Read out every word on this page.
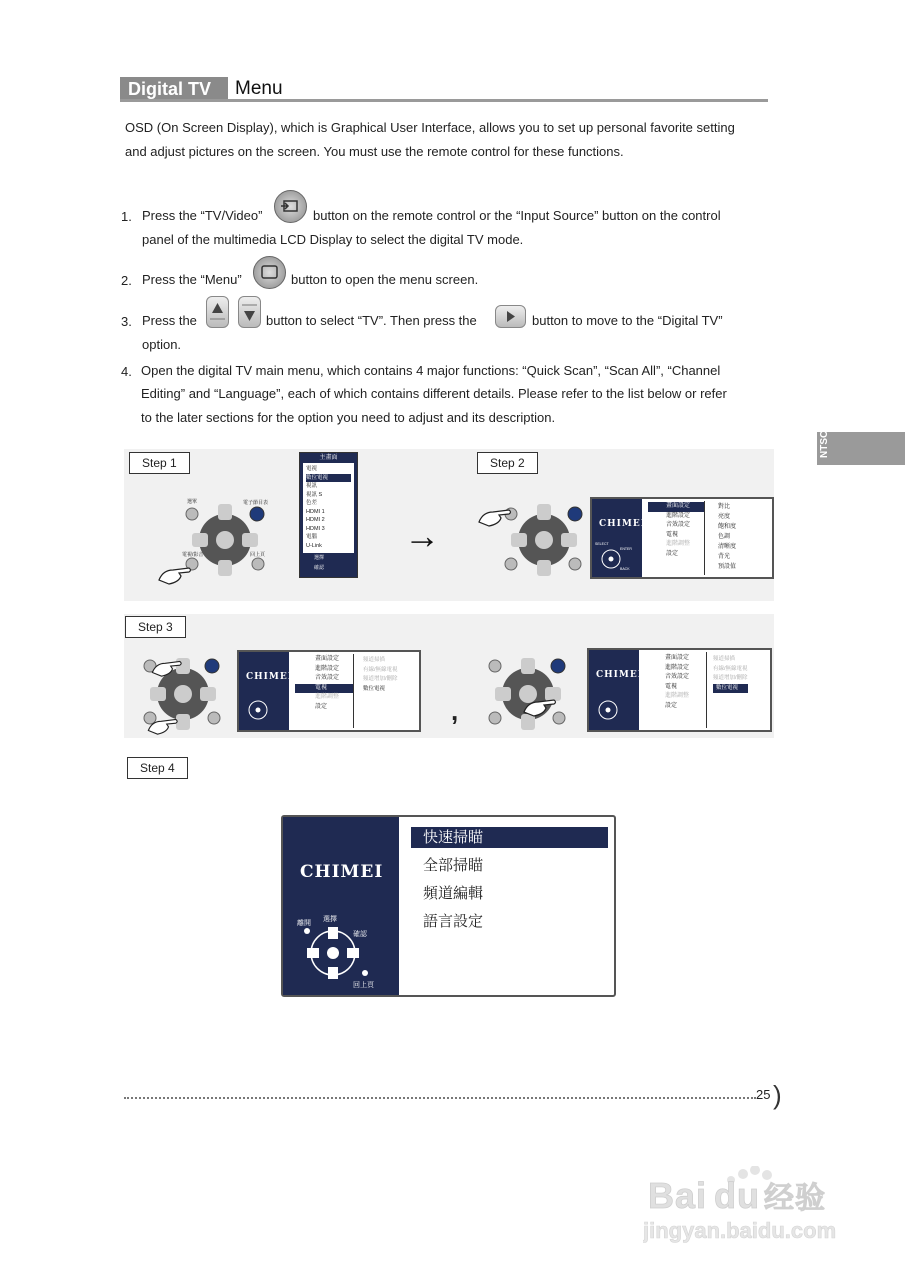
Digital TV	Menu
OSD (On Screen Display), which is Graphical User Interface, allows you to set up personal favorite setting
and adjust pictures on the screen. You must use the remote control for these functions.
1. Press the “TV/Video”	button on the remote control or the “Input Source” button on the control
panel of the multimedia LCD Display to select the digital TV mode.
2. Press the “Menu”	button to open the menu screen.
3. Press the	button to select “TV”. Then press the	button to move to the “Digital TV”
option.
4. Open the digital TV main menu, which contains 4 major functions: “Quick Scan”, “Scan All”, “Channel
Editing” and “Language”, each of which contains different details. Please refer to the list below or refer
to the later sections for the option you need to adjust and its description.
NTSC
Step 1	Step 2
Step 3
Step 4
選單	電子節目表
電視/影音	回上頁
主畫面
電視
數位電視
視訊
視訊 S
色差
HDMI 1
HDMI 2
HDMI 3
電腦
U-Link
選擇
確認
→	CHIMEI
SELECT
ENTER
BACK
畫面設定
進階設定
音效設定
電視
進階調整
設定
對比
亮度
飽和度
色調
清晰度
背光
預設值
CHIMEI
畫面設定
進階設定
音效設定
電視
進階調整
設定
頻道掃描
有線/無線電視
頻道增加/刪除
數位電視
,
CHIMEI
畫面設定
進階設定
音效設定
電視
進階調整
設定
頻道掃描
有線/無線電視
頻道增加/刪除
數位電視
CHIMEI
離開
選擇
確認
回上頁
快速掃瞄
全部掃瞄
頻道編輯
語言設定
25 )
Bai du 经验
jingyan.baidu.com
